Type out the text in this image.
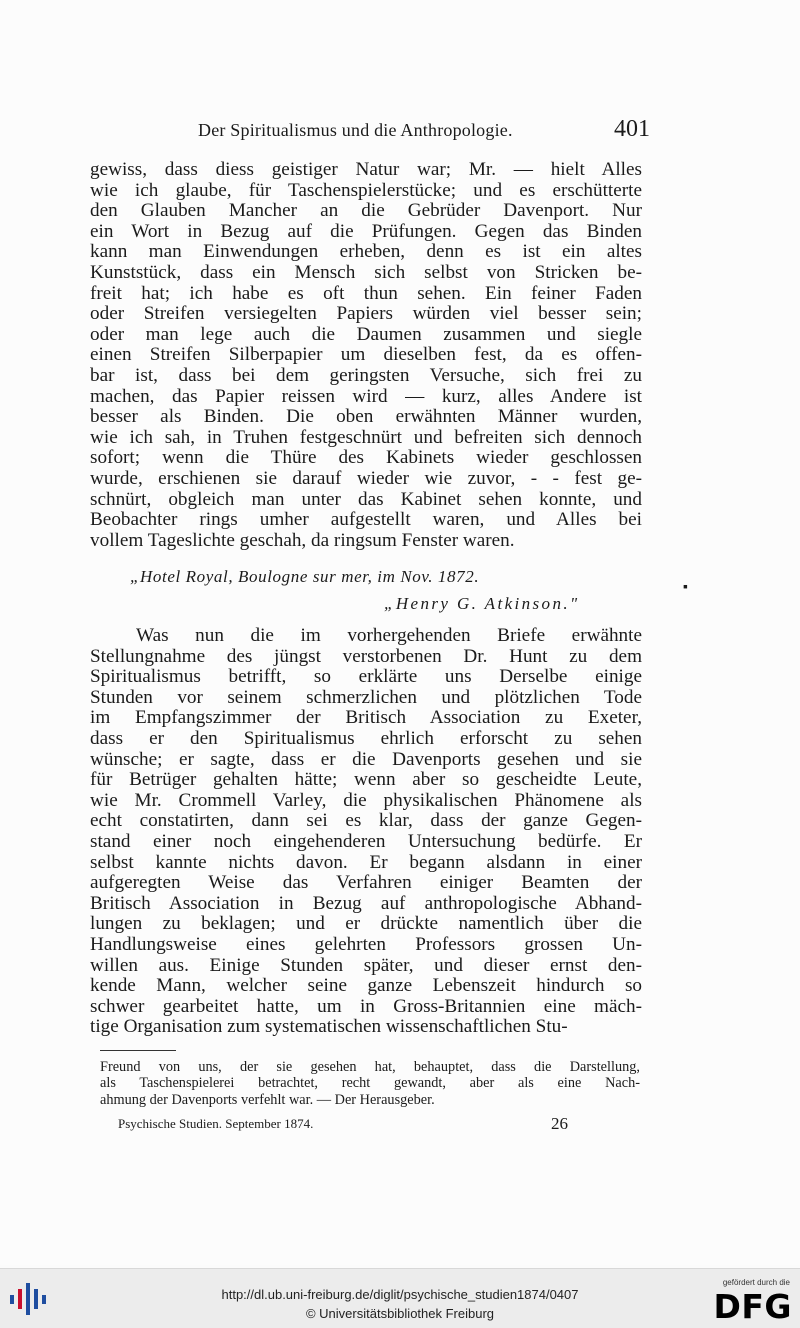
Der Spiritualismus und die Anthropologie.	401
gewiss, dass diess geistiger Natur war; Mr. — hielt Alles
wie ich glaube, für Taschenspielerstücke; und es erschütterte
den Glauben Mancher an die Gebrüder Davenport. Nur
ein Wort in Bezug auf die Prüfungen. Gegen das Binden
kann man Einwendungen erheben, denn es ist ein altes
Kunststück, dass ein Mensch sich selbst von Stricken be-
freit hat; ich habe es oft thun sehen. Ein feiner Faden
oder Streifen versiegelten Papiers würden viel besser sein;
oder man lege auch die Daumen zusammen und siegle
einen Streifen Silberpapier um dieselben fest, da es offen-
bar ist, dass bei dem geringsten Versuche, sich frei zu
machen, das Papier reissen wird — kurz, alles Andere ist
besser als Binden. Die oben erwähnten Männer wurden,
wie ich sah, in Truhen festgeschnürt und befreiten sich dennoch
sofort; wenn die Thüre des Kabinets wieder geschlossen
wurde, erschienen sie darauf wieder wie zuvor, - - fest ge-
schnürt, obgleich man unter das Kabinet sehen konnte, und
Beobachter rings umher aufgestellt waren, und Alles bei
vollem Tageslichte geschah, da ringsum Fenster waren.
„Hotel Royal, Boulogne sur mer, im Nov. 1872.
▪
„Henry G. Atkinson."
Was nun die im vorhergehenden Briefe erwähnte
Stellungnahme des jüngst verstorbenen Dr. Hunt zu dem
Spiritualismus betrifft, so erklärte uns Derselbe einige
Stunden vor seinem schmerzlichen und plötzlichen Tode
im Empfangszimmer der Britisch Association zu Exeter,
dass er den Spiritualismus ehrlich erforscht zu sehen
wünsche; er sagte, dass er die Davenports gesehen und sie
für Betrüger gehalten hätte; wenn aber so gescheidte Leute,
wie Mr. Crommell Varley, die physikalischen Phänomene als
echt constatirten, dann sei es klar, dass der ganze Gegen-
stand einer noch eingehenderen Untersuchung bedürfe. Er
selbst kannte nichts davon. Er begann alsdann in einer
aufgeregten Weise das Verfahren einiger Beamten der
Britisch Association in Bezug auf anthropologische Abhand-
lungen zu beklagen; und er drückte namentlich über die
Handlungsweise eines gelehrten Professors grossen Un-
willen aus. Einige Stunden später, und dieser ernst den-
kende Mann, welcher seine ganze Lebenszeit hindurch so
schwer gearbeitet hatte, um in Gross-Britannien eine mäch-
tige Organisation zum systematischen wissenschaftlichen Stu-
Freund von uns, der sie gesehen hat, behauptet, dass die Darstellung,
als Taschenspielerei betrachtet, recht gewandt, aber als eine Nach-
ahmung der Davenports verfehlt war. — Der Herausgeber.
Psychische Studien. September 1874.	26
http://dl.ub.uni-freiburg.de/diglit/psychische_studien1874/0407
© Universitätsbibliothek Freiburg
gefördert durch die
DFG
